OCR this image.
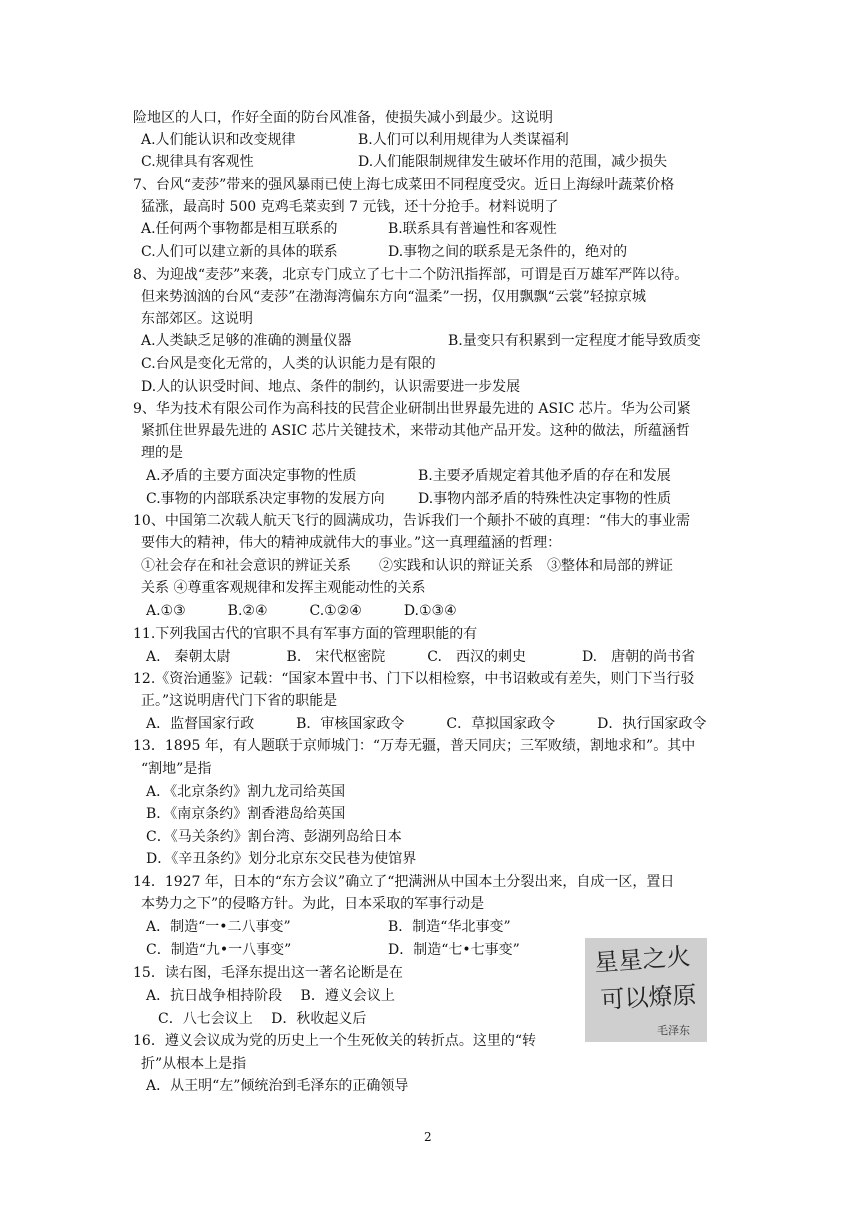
险地区的人口，作好全面的防台风准备，使损失减小到最少。这说明
A.人们能认识和改变规律	B.人们可以利用规律为人类谋福利
C.规律具有客观性	D.人们能限制规律发生破坏作用的范围，减少损失
7、台风“麦莎”带来的强风暴雨已使上海七成菜田不同程度受灾。近日上海绿叶蔬菜价格
猛涨，最高时 500 克鸡毛菜卖到 7 元钱，还十分抢手。材料说明了
A.任何两个事物都是相互联系的	B.联系具有普遍性和客观性
C.人们可以建立新的具体的联系	D.事物之间的联系是无条件的，绝对的
8、为迎战“麦莎”来袭，北京专门成立了七十二个防汛指挥部，可谓是百万雄军严阵以待。
但来势汹汹的台风“麦莎”在渤海湾偏东方向“温柔”一拐，仅用飘飘“云裳”轻掠京城
东部郊区。这说明
A.人类缺乏足够的准确的测量仪器	B.量变只有积累到一定程度才能导致质变
C.台风是变化无常的，人类的认识能力是有限的
D.人的认识受时间、地点、条件的制约，认识需要进一步发展
9、华为技术有限公司作为高科技的民营企业研制出世界最先进的 ASIC 芯片。华为公司紧
紧抓住世界最先进的 ASIC 芯片关键技术，来带动其他产品开发。这种的做法，所蕴涵哲
理的是
A.矛盾的主要方面决定事物的性质	B.主要矛盾规定着其他矛盾的存在和发展
C.事物的内部联系决定事物的发展方向 D.事物内部矛盾的特殊性决定事物的性质
10、中国第二次载人航天飞行的圆满成功，告诉我们一个颠扑不破的真理：“伟大的事业需
要伟大的精神，伟大的精神成就伟大的事业。”这一真理蕴涵的哲理：
①社会存在和社会意识的辨证关系　　②实践和认识的辩证关系　③整体和局部的辨证
关系 ④尊重客观规律和发挥主观能动性的关系
A.①③　　　B.②④　　　C.①②④　　　D.①③④
11.下列我国古代的官职不具有军事方面的管理职能的有
A.　秦朝太尉　　　　B.　宋代枢密院　　　C.　西汉的刺史　　　　D.　唐朝的尚书省
12.《资治通鉴》记载：“国家本置中书、门下以相检察，中书诏敕或有差失，则门下当行驳
正。”这说明唐代门下省的职能是
A．监督国家行政　　　B．审核国家政令　　　C．草拟国家政令　　　D．执行国家政令
13．1895 年，有人题联于京师城门：“万寿无疆，普天同庆；三军败绩，割地求和”。其中
“割地”是指
A．《北京条约》割九龙司给英国
B．《南京条约》割香港岛给英国
C．《马关条约》割台湾、彭湖列岛给日本
D．《辛丑条约》划分北京东交民巷为使馆界
14．1927 年，日本的“东方会议”确立了“把满洲从中国本土分裂出来，自成一区，置日
本势力之下”的侵略方针。为此，日本采取的军事行动是
A．制造“一•二八事变”	B．制造“华北事变”
C．制造“九•一八事变”	D．制造“七•七事变”
15．读右图，毛泽东提出这一著名论断是在
A．抗日战争相持阶段　 B．遵义会议上
C．八七会议上　 D．秋收起义后
16．遵义会议成为党的历史上一个生死攸关的转折点。这里的“转
折”从根本上是指
A．从王明“左”倾统治到毛泽东的正确领导
星星之火
可以燎原
毛泽东
2
